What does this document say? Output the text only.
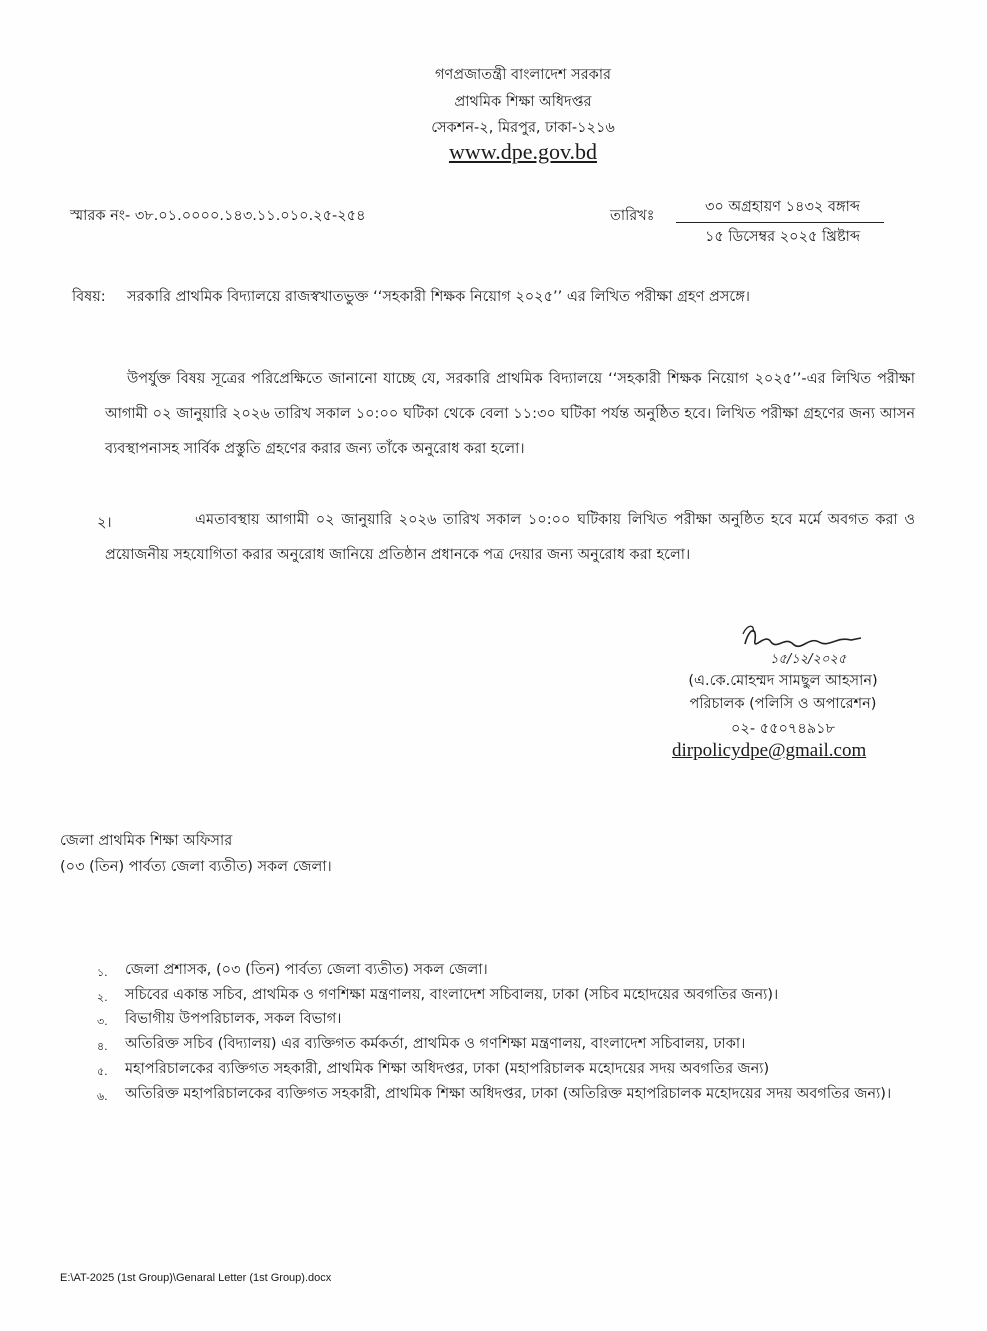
গণপ্রজাতন্ত্রী বাংলাদেশ সরকার
প্রাথমিক শিক্ষা অধিদপ্তর
সেকশন-২, মিরপুর, ঢাকা-১২১৬
www.dpe.gov.bd
স্মারক নং- ৩৮.০১.০০০০.১৪৩.১১.০১০.২৫-২৫৪	তারিখঃ
৩০ অগ্রহায়ণ ১৪৩২ বঙ্গাব্দ
১৫ ডিসেম্বর ২০২৫ খ্রিষ্টাব্দ
বিষয়: সরকারি প্রাথমিক বিদ্যালয়ে রাজস্বখাতভুক্ত ‘‘সহকারী শিক্ষক নিয়োগ ২০২৫’’ এর লিখিত পরীক্ষা গ্রহণ প্রসঙ্গে।
উপর্যুক্ত বিষয় সূত্রের পরিপ্রেক্ষিতে জানানো যাচ্ছে যে, সরকারি প্রাথমিক বিদ্যালয়ে ‘‘সহকারী শিক্ষক নিয়োগ ২০২৫’’-এর লিখিত পরীক্ষা আগামী ০২ জানুয়ারি ২০২৬ তারিখ সকাল ১০:০০ ঘটিকা থেকে বেলা ১১:৩০ ঘটিকা পর্যন্ত অনুষ্ঠিত হবে। লিখিত পরীক্ষা গ্রহণের জন্য আসন ব্যবস্থাপনাসহ সার্বিক প্রস্তুতি গ্রহণের করার জন্য তাঁকে অনুরোধ করা হলো।
২।	এমতাবস্থায় আগামী ০২ জানুয়ারি ২০২৬ তারিখ সকাল ১০:০০ ঘটিকায় লিখিত পরীক্ষা অনুষ্ঠিত হবে মর্মে অবগত করা ও প্রয়োজনীয় সহযোগিতা করার অনুরোধ জানিয়ে প্রতিষ্ঠান প্রধানকে পত্র দেয়ার জন্য অনুরোধ করা হলো।
১৫/১২/২০২৫
(এ.কে.মোহম্মদ সামছুল আহসান)
পরিচালক (পলিসি ও অপারেশন)
০২- ৫৫০৭৪৯১৮
dirpolicydpe@gmail.com
জেলা প্রাথমিক শিক্ষা অফিসার
(০৩ (তিন) পার্বত্য জেলা ব্যতীত) সকল জেলা।
১. জেলা প্রশাসক, (০৩ (তিন) পার্বত্য জেলা ব্যতীত) সকল জেলা।
২. সচিবের একান্ত সচিব, প্রাথমিক ও গণশিক্ষা মন্ত্রণালয়, বাংলাদেশ সচিবালয়, ঢাকা (সচিব মহোদয়ের অবগতির জন্য)।
৩. বিভাগীয় উপপরিচালক, সকল বিভাগ।
৪. অতিরিক্ত সচিব (বিদ্যালয়) এর ব্যক্তিগত কর্মকর্তা, প্রাথমিক ও গণশিক্ষা মন্ত্রণালয়, বাংলাদেশ সচিবালয়, ঢাকা।
৫. মহাপরিচালকের ব্যক্তিগত সহকারী, প্রাথমিক শিক্ষা অধিদপ্তর, ঢাকা (মহাপরিচালক মহোদয়ের সদয় অবগতির জন্য)
৬. অতিরিক্ত মহাপরিচালকের ব্যক্তিগত সহকারী, প্রাথমিক শিক্ষা অধিদপ্তর, ঢাকা (অতিরিক্ত মহাপরিচালক মহোদয়ের সদয় অবগতির জন্য)।
E:\AT-2025 (1st Group)\Genaral Letter (1st Group).docx
